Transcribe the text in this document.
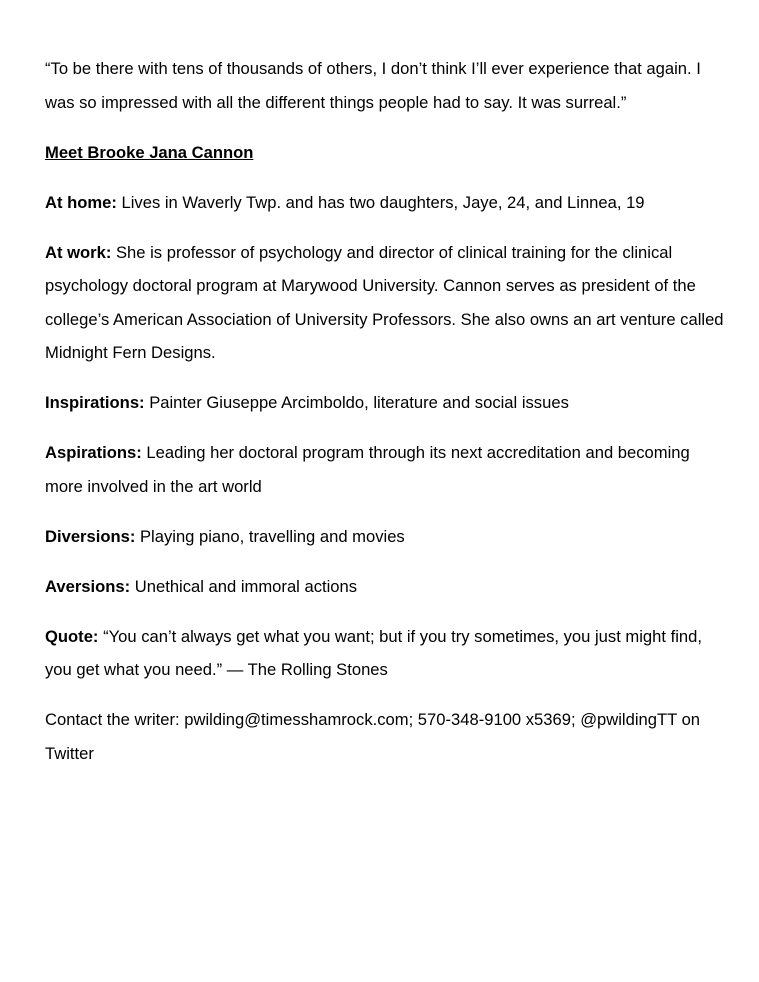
“To be there with tens of thousands of others, I don’t think I’ll ever experience that again. I was so impressed with all the different things people had to say. It was surreal.”

Meet Brooke Jana Cannon

At home: Lives in Waverly Twp. and has two daughters, Jaye, 24, and Linnea, 19

At work: She is professor of psychology and director of clinical training for the clinical psychology doctoral program at Marywood University. Cannon serves as president of the college’s American Association of University Professors. She also owns an art venture called Midnight Fern Designs.

Inspirations: Painter Giuseppe Arcimboldo, literature and social issues

Aspirations: Leading her doctoral program through its next accreditation and becoming more involved in the art world

Diversions: Playing piano, travelling and movies

Aversions: Unethical and immoral actions

Quote: “You can’t always get what you want; but if you try sometimes, you just might find, you get what you need.” — The Rolling Stones

Contact the writer: pwilding@timesshamrock.com; 570-348-9100 x5369; @pwildingTT on Twitter
